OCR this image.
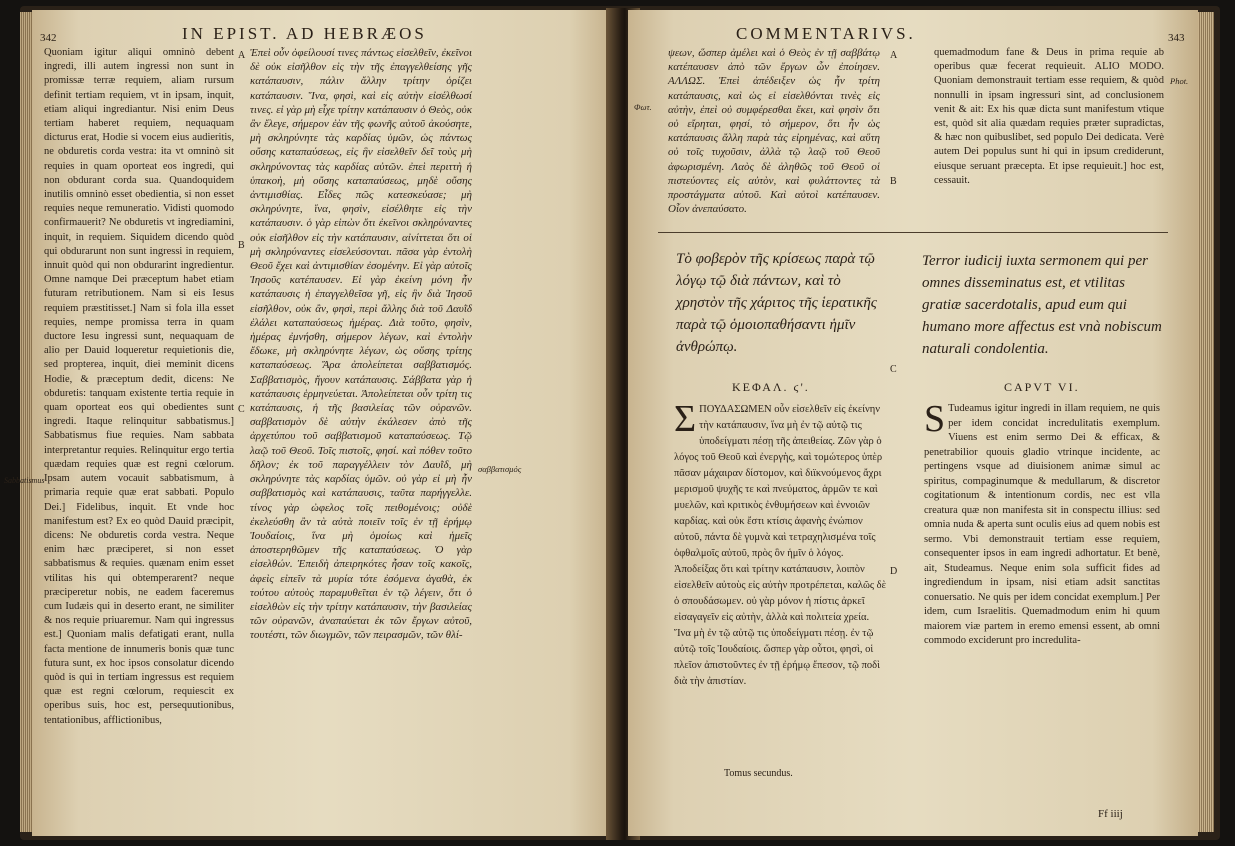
342	IN EPIST. AD HEBRÆOS
Quoniam igitur aliqui omninò debent ingredi, illi autem ingressi non sunt in promissæ terræ requiem, aliam rursum definit tertiam requiem, vt in ipsam, inquit, etiam aliqui ingrediantur. Nisi enim Deus tertiam haberet requiem, nequaquam dicturus erat, Hodie si vocem eius audieritis, ne obduretis corda vestra: ita vt omninò sit requies in quam oporteat eos ingredi, qui non obdurant corda sua. Quandoquidem inutilis omninò esset obedientia, si non esset requies neque remuneratio. Vidisti quomodo confirmauerit? Ne obduretis vt ingrediamini, inquit, in requiem. Siquidem dicendo quòd qui obdurarunt non sunt ingressi in requiem, innuit quòd qui non obdurarint ingredientur. Omne namque Dei præceptum habet etiam futuram retributionem. Nam si eis Iesus requiem præstitisset.] Nam si fola illa esset requies, nempe promissa terra in quam ductore Iesu ingressi sunt, nequaquam de alio per Dauid loqueretur requietionis die, sed propterea, inquit, diei meminit dicens Hodie, & præceptum dedit, dicens: Ne obduretis: tanquam existente tertia requie in quam oporteat eos qui obedientes sunt ingredi. Itaque relinquitur sabbatismus.] Sabbatismus fiue requies. Nam sabbata interpretantur requies. Relinquitur ergo tertia quædam requies quæ est regni cœlorum. Ipsam autem vocauit sabbatismum, à primaria requie quæ erat sabbati. Populo Dei.] Fidelibus, inquit. Et vnde hoc manifestum est? Ex eo quòd Dauid præcipit, dicens: Ne obduretis corda vestra. Neque enim hæc præciperet, si non esset sabbatismus & requies. quænam enim esset vtilitas his qui obtemperarent? neque præciperetur nobis, ne eadem faceremus cum Iudæis qui in deserto erant, ne similiter & nos requie priuaremur. Nam qui ingressus est.] Quoniam malis defatigati erant, nulla facta mentione de innumeris bonis quæ tunc futura sunt, ex hoc ipsos consolatur dicendo quòd is qui in tertiam ingressus est requiem quæ est regni cœlorum, requiescit ex operibus suis, hoc est, persequutionibus, tentationibus, afflictionibus,
Ἐπεὶ οὖν ὀφείλουσί τινες πάντως εἰσελθεῖν, ἐκεῖνοι δὲ οὐκ εἰσῆλθον εἰς τὴν τῆς ἐπαγγελθείσης γῆς κατάπαυσιν, πάλιν ἄλλην τρίτην ὁρίζει κατάπαυσιν. Ἵνα, φησὶ, καὶ εἰς αὐτὴν εἰσέλθωσί τινες. εἰ γὰρ μὴ εἶχε τρίτην κατάπαυσιν ὁ Θεὸς, οὐκ ἂν ἔλεγε, σήμερον ἐὰν τῆς φωνῆς αὐτοῦ ἀκούσητε, μὴ σκληρύνητε τὰς καρδίας ὑμῶν, ὡς πάντως οὔσης καταπαύσεως, εἰς ἣν εἰσελθεῖν δεῖ τοὺς μὴ σκληρύνοντας τὰς καρδίας αὐτῶν. ἐπεὶ περιττὴ ἡ ὑπακοὴ, μὴ οὔσης καταπαύσεως, μηδὲ οὔσης ἀντιμισθίας. Εἶδες πῶς κατεσκεύασε; μὴ σκληρύνητε, ἵνα, φησὶν, εἰσέλθητε εἰς τὴν κατάπαυσιν. ὁ γὰρ εἰπὼν ὅτι ἐκεῖνοι σκληρύναντες οὐκ εἰσῆλθον εἰς τὴν κατάπαυσιν, αἰνίττεται ὅτι οἱ μὴ σκληρύναντες εἰσελεύσονται. πᾶσα γὰρ ἐντολὴ Θεοῦ ἔχει καὶ ἀντιμισθίαν ἐσομένην. Εἰ γὰρ αὐτοῖς Ἰησοῦς κατέπαυσεν. Εἰ γὰρ ἐκείνη μόνη ἦν κατάπαυσις ἡ ἐπαγγελθεῖσα γῆ, εἰς ἣν διὰ Ἰησοῦ εἰσῆλθον, οὐκ ἂν, φησὶ, περὶ ἄλλης διὰ τοῦ Δαυῒδ ἐλάλει καταπαύσεως ἡμέρας. Διὰ τοῦτο, φησὶν, ἡμέρας ἐμνήσθη, σήμερον λέγων, καὶ ἐντολὴν ἔδωκε, μὴ σκληρύνητε λέγων, ὡς οὔσης τρίτης καταπαύσεως. Ἄρα ἀπολείπεται σαββατισμός. Σαββατισμὸς, ἤγουν κατάπαυσις. Σάββατα γὰρ ἡ κατάπαυσις ἑρμηνεύεται. Ἀπολείπεται οὖν τρίτη τις κατάπαυσις, ἡ τῆς βασιλείας τῶν οὐρανῶν. σαββατισμὸν δὲ αὐτὴν ἐκάλεσεν ἀπὸ τῆς ἀρχετύπου τοῦ σαββατισμοῦ καταπαύσεως. Τῷ λαῷ τοῦ Θεοῦ. Τοῖς πιστοῖς, φησί. καὶ πόθεν τοῦτο δῆλον; ἐκ τοῦ παραγγέλλειν τὸν Δαυῒδ, μὴ σκληρύνητε τὰς καρδίας ὑμῶν. οὐ γὰρ εἰ μὴ ἦν σαββατισμὸς καὶ κατάπαυσις, ταῦτα παρήγγελλε. τίνος γὰρ ὠφελος τοῖς πειθομένοις; οὐδὲ ἐκελεύσθη ἂν τὰ αὐτὰ ποιεῖν τοῖς ἐν τῇ ἐρήμῳ Ἰουδαίοις, ἵνα μὴ ὁμοίως καὶ ἡμεῖς ἀποστερηθῶμεν τῆς καταπαύσεως. Ὁ γὰρ εἰσελθών. Ἐπειδὴ ἀπειρηκότες ἦσαν τοῖς κακοῖς, ἀφεὶς εἰπεῖν τὰ μυρία τότε ἐσόμενα ἀγαθὰ, ἐκ τούτου αὐτοὺς παραμυθεῖται ἐν τῷ λέγειν, ὅτι ὁ εἰσελθὼν εἰς τὴν τρίτην κατάπαυσιν, τὴν βασιλείας τῶν οὐρανῶν, ἀναπαύεται ἐκ τῶν ἔργων αὐτοῦ, τουτέστι, τῶν διωγμῶν, τῶν πειρασμῶν, τῶν θλί-
A
B
C
σαββατισμός
Sabbatismus
COMMENTARIVS.	343
Φωτ.
Phot.
ψεων, ὥσπερ ἀμέλει καὶ ὁ Θεὸς ἐν τῇ σαββάτῳ κατέπαυσεν ἀπὸ τῶν ἔργων ὧν ἐποίησεν. ΑΛΛΩΣ. Ἐπεὶ ἀπέδειξεν ὡς ἦν τρίτη κατάπαυσις, καὶ ὡς εἰ εἰσελθόνται τινὲς εἰς αὐτὴν, ἐπεὶ οὐ συμφέρεσθαι ἔκει, καὶ φησὶν ὅτι οὐ εἴρηται, φησί, τὸ σήμερον, ὅτι ἦν ὡς κατάπαυσις ἄλλη παρὰ τὰς εἰρημένας, καὶ αὕτη οὐ τοῖς τυχοῦσιν, ἀλλὰ τῷ λαῷ τοῦ Θεοῦ ἀφωρισμένη. Λαὸς δὲ ἀληθῶς τοῦ Θεοῦ οἱ πιστεύοντες εἰς αὐτὸν, καὶ φυλάττοντες τὰ προστάγματα αὐτοῦ. Καὶ αὐτοὶ κατέπαυσεν. Οἷον ἀνεπαύσατο.
A
B
quemadmodum fane & Deus in prima requie ab operibus quæ fecerat requieuit. ALIO MODO. Quoniam demonstrauit tertiam esse requiem, & quòd nonnulli in ipsam ingressuri sint, ad conclusionem venit & ait: Ex his quæ dicta sunt manifestum vtique est, quòd sit alia quædam requies præter supradictas, & hæc non quibuslibet, sed populo Dei dedicata. Verè autem Dei populus sunt hi qui in ipsum crediderunt, eiusque seruant præcepta. Et ipse requieuit.] hoc est, cessauit.
Τὸ φοβερὸν τῆς κρίσεως παρὰ τῷ λόγῳ τῷ διὰ πάντων, καὶ τὸ χρηστὸν τῆς χάριτος τῆς ἱερατικῆς παρὰ τῷ ὁμοιοπαθήσαντι ἡμῖν ἀνθρώπῳ.
Terror iudicij iuxta sermonem qui per omnes disseminatus est, et vtilitas gratiæ sacerdotalis, apud eum qui humano more affectus est vnà nobiscum naturali condolentia.
C
ΚΕΦΑΛ. ϛ'.	CAPVT VI.
ΣΠΟΥΔΑΣΩΜΕΝ οὖν εἰσελθεῖν εἰς ἐκείνην τὴν κατάπαυσιν, ἵνα μὴ ἐν τῷ αὐτῷ τις ὑποδείγματι πέσῃ τῆς ἀπειθείας. Ζῶν γὰρ ὁ λόγος τοῦ Θεοῦ καὶ ἐνεργὴς, καὶ τομώτερος ὑπὲρ πᾶσαν μάχαιραν δίστομον, καὶ διϊκνούμενος ἄχρι μερισμοῦ ψυχῆς τε καὶ πνεύματος, ἁρμῶν τε καὶ μυελῶν, καὶ κριτικὸς ἐνθυμήσεων καὶ ἐννοιῶν καρδίας. καὶ οὐκ ἔστι κτίσις ἀφανὴς ἐνώπιον αὐτοῦ, πάντα δὲ γυμνὰ καὶ τετραχηλισμένα τοῖς ὀφθαλμοῖς αὐτοῦ, πρὸς ὃν ἡμῖν ὁ λόγος. Ἀποδείξας ὅτι καὶ τρίτην κατάπαυσιν, λοιπὸν εἰσελθεῖν αὐτοὺς εἰς αὐτὴν προτρέπεται, καλῶς δὲ ὁ σπουδάσωμεν. οὐ γὰρ μόνον ἡ πίστις ἀρκεῖ εἰσαγαγεῖν εἰς αὐτὴν, ἀλλὰ καὶ πολιτεία χρεία. Ἵνα μὴ ἐν τῷ αὐτῷ τις ὑποδείγματι πέσῃ. ἐν τῷ αὐτῷ τοῖς Ἰουδαίοις. ὥσπερ γὰρ οὗτοι, φησὶ, οἱ πλεῖον ἀπιστοῦντες ἐν τῇ ἐρήμῳ ἔπεσον, τῷ ποδὶ διὰ τὴν ἀπιστίαν.
D
S Tudeamus igitur ingredi in illam requiem, ne quis per idem concidat incredulitatis exemplum. Viuens est enim sermo Dei & efficax, & penetrabilior quouis gladio vtrinque incidente, ac pertingens vsque ad diuisionem animæ simul ac spiritus, compaginumque & medullarum, & discretor cogitationum & intentionum cordis, nec est vlla creatura quæ non manifesta sit in conspectu illius: sed omnia nuda & aperta sunt oculis eius ad quem nobis est sermo. Vbi demonstrauit tertiam esse requiem, consequenter ipsos in eam ingredi adhortatur. Et benè, ait, Studeamus. Neque enim sola sufficit fides ad ingrediendum in ipsam, nisi etiam adsit sanctitas conuersatio. Ne quis per idem concidat exemplum.] Per idem, cum Israelitis. Quemadmodum enim hi quum maiorem viæ partem in eremo emensi essent, ab omni commodo exciderunt pro incredulita-
Tomus secundus.
Ff iiij
